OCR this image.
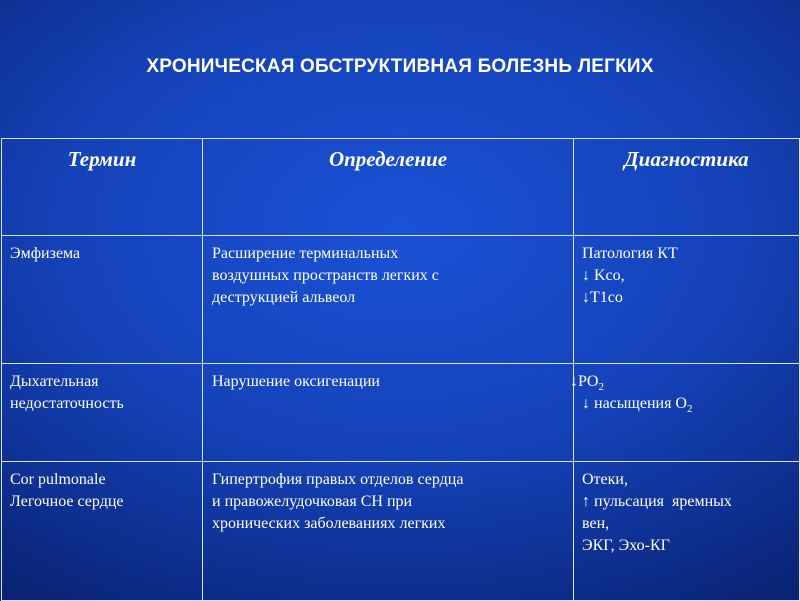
ХРОНИЧЕСКАЯ ОБСТРУКТИВНАЯ БОЛЕЗНЬ ЛЕГКИХ
Термин	Определение	Диагностика

Эмфизема	Расширение терминальных
воздушных пространств легких с
деструкцией альвеол	Патология КТ
↓ Kco,
↓T1co

Дыхательная
недостаточность	Нарушение оксигенации	$↓PO_2$
↓ насыщения $O_2$

Cor pulmonale
Легочное сердце	Гипертрофия правых отделов сердца
и правожелудочковая СН при
хронических заболеваниях легких	Отеки,
↑ пульсация  яремных
вен,
ЭКГ, Эхо-КГ
